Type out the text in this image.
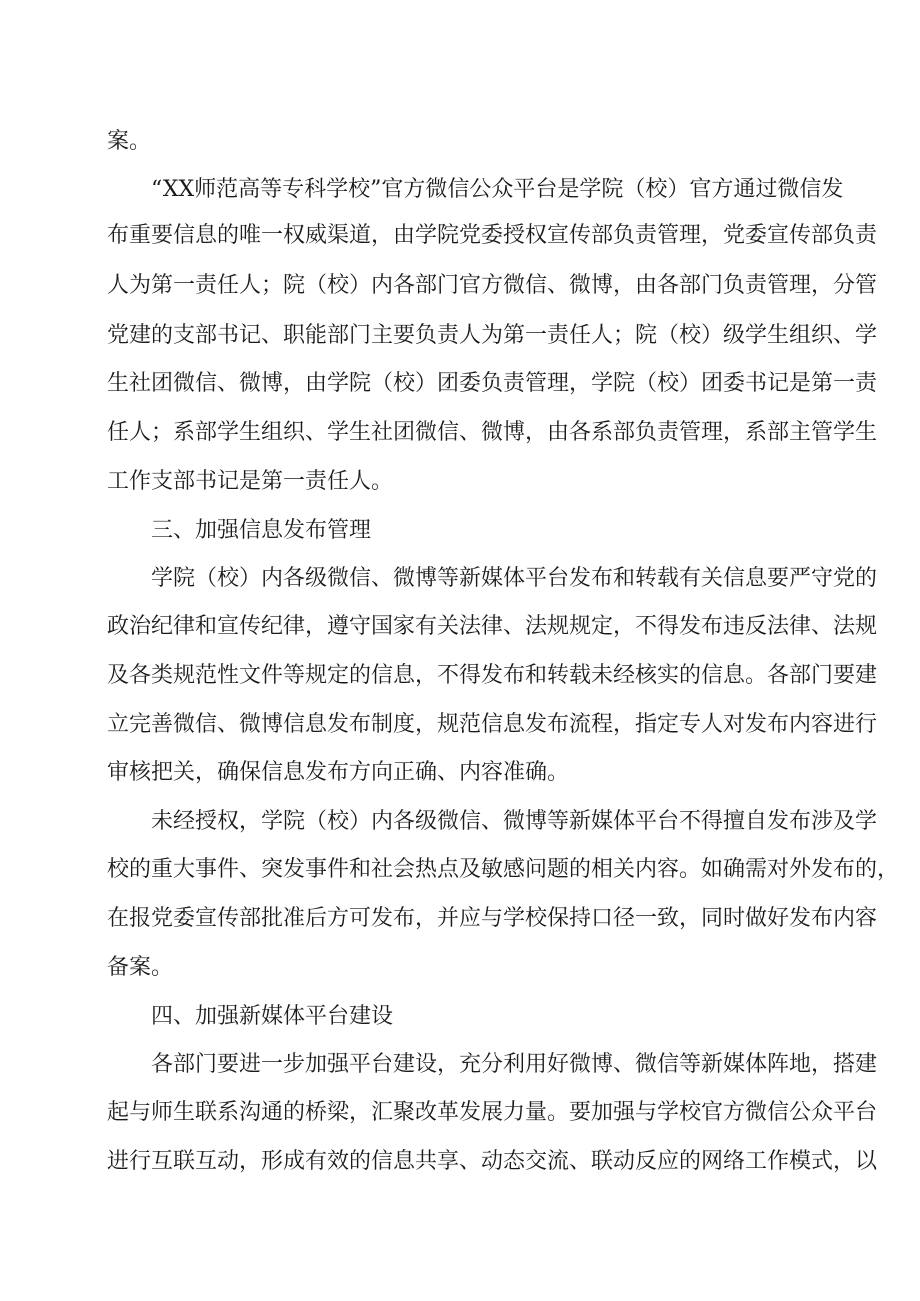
案。
“XX师范高等专科学校”官方微信公众平台是学院（校）官方通过微信发
布重要信息的唯一权威渠道，由学院党委授权宣传部负责管理，党委宣传部负责
人为第一责任人；院（校）内各部门官方微信、微博，由各部门负责管理，分管
党建的支部书记、职能部门主要负责人为第一责任人；院（校）级学生组织、学
生社团微信、微博，由学院（校）团委负责管理，学院（校）团委书记是第一责
任人；系部学生组织、学生社团微信、微博，由各系部负责管理，系部主管学生
工作支部书记是第一责任人。
三、加强信息发布管理
学院（校）内各级微信、微博等新媒体平台发布和转载有关信息要严守党的
政治纪律和宣传纪律，遵守国家有关法律、法规规定，不得发布违反法律、法规
及各类规范性文件等规定的信息，不得发布和转载未经核实的信息。各部门要建
立完善微信、微博信息发布制度，规范信息发布流程，指定专人对发布内容进行
审核把关，确保信息发布方向正确、内容准确。
未经授权，学院（校）内各级微信、微博等新媒体平台不得擅自发布涉及学
校的重大事件、突发事件和社会热点及敏感问题的相关内容。如确需对外发布的，
在报党委宣传部批准后方可发布，并应与学校保持口径一致，同时做好发布内容
备案。
四、加强新媒体平台建设
各部门要进一步加强平台建设，充分利用好微博、微信等新媒体阵地，搭建
起与师生联系沟通的桥梁，汇聚改革发展力量。要加强与学校官方微信公众平台
进行互联互动，形成有效的信息共享、动态交流、联动反应的网络工作模式，以
